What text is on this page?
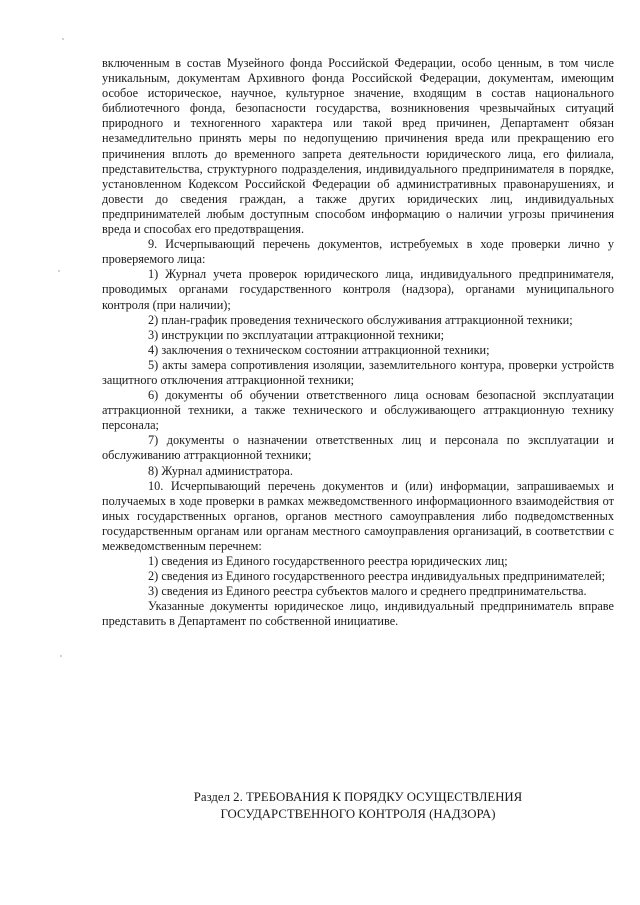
включенным в состав Музейного фонда Российской Федерации, особо ценным, в том числе уникальным, документам Архивного фонда Российской Федерации, документам, имеющим особое историческое, научное, культурное значение, входящим в состав национального библиотечного фонда, безопасности государства, возникновения чрезвычайных ситуаций природного и техногенного характера или такой вред причинен, Департамент обязан незамедлительно принять меры по недопущению причинения вреда или прекращению его причинения вплоть до временного запрета деятельности юридического лица, его филиала, представительства, структурного подразделения, индивидуального предпринимателя в порядке, установленном Кодексом Российской Федерации об административных правонарушениях, и довести до сведения граждан, а также других юридических лиц, индивидуальных предпринимателей любым доступным способом информацию о наличии угрозы причинения вреда и способах его предотвращения.

9. Исчерпывающий перечень документов, истребуемых в ходе проверки лично у проверяемого лица:

1) Журнал учета проверок юридического лица, индивидуального предпринимателя, проводимых органами государственного контроля (надзора), органами муниципального контроля (при наличии);

2) план-график проведения технического обслуживания аттракционной техники;

3) инструкции по эксплуатации аттракционной техники;

4) заключения о техническом состоянии аттракционной техники;

5) акты замера сопротивления изоляции, заземлительного контура, проверки устройств защитного отключения аттракционной техники;

6) документы об обучении ответственного лица основам безопасной эксплуатации аттракционной техники, а также технического и обслуживающего аттракционную технику персонала;

7) документы о назначении ответственных лиц и персонала по эксплуатации и обслуживанию аттракционной техники;

8) Журнал администратора.

10. Исчерпывающий перечень документов и (или) информации, запрашиваемых и получаемых в ходе проверки в рамках межведомственного информационного взаимодействия от иных государственных органов, органов местного самоуправления либо подведомственных государственным органам или органам местного самоуправления организаций, в соответствии с межведомственным перечнем:

1) сведения из Единого государственного реестра юридических лиц;

2) сведения из Единого государственного реестра индивидуальных предпринимателей;

3) сведения из Единого реестра субъектов малого и среднего предпринимательства.

Указанные документы юридическое лицо, индивидуальный предприниматель вправе представить в Департамент по собственной инициативе.

Раздел 2. ТРЕБОВАНИЯ К ПОРЯДКУ ОСУЩЕСТВЛЕНИЯ
ГОСУДАРСТВЕННОГО КОНТРОЛЯ (НАДЗОРА)
